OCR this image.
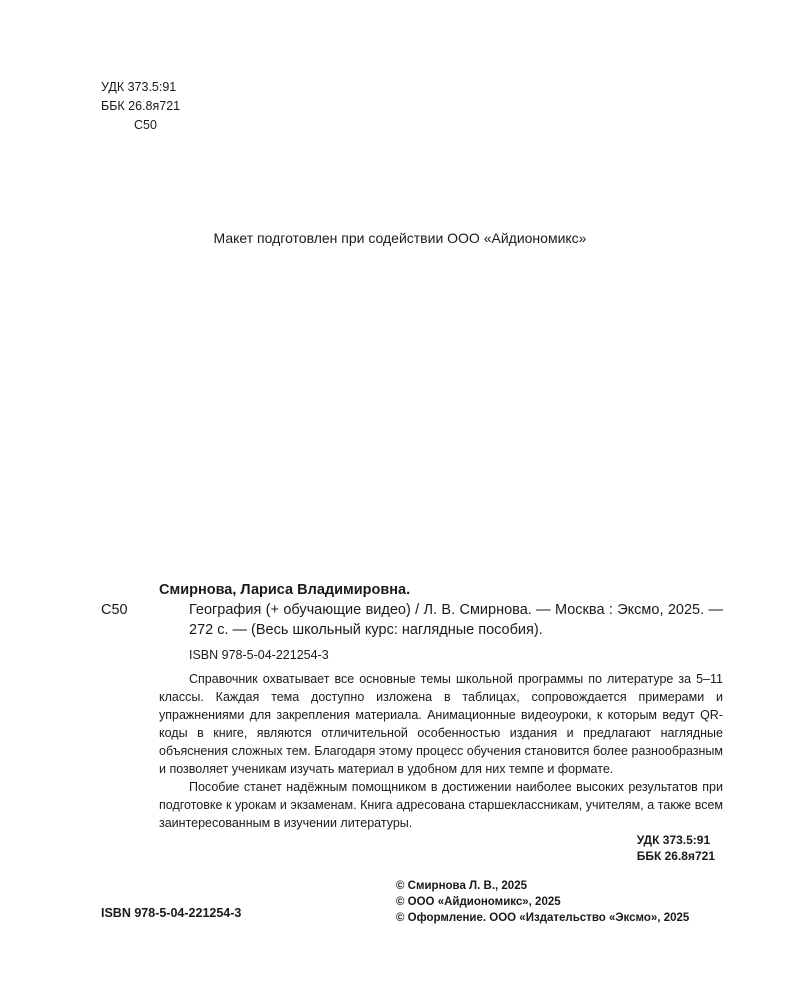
УДК 373.5:91
ББК 26.8я721
С50
Макет подготовлен при содействии ООО «Айдиономикс»
Смирнова, Лариса Владимировна.
С50	География (+ обучающие видео) / Л. В. Смирнова. — Москва : Эксмо, 2025. — 272 с. — (Весь школьный курс: наглядные пособия).
ISBN 978-5-04-221254-3

Справочник охватывает все основные темы школьной программы по литературе за 5–11 классы. Каждая тема доступно изложена в таблицах, сопровождается примерами и упражнениями для закрепления материала. Анимационные видеоуроки, к которым ведут QR-коды в книге, являются отличительной особенностью издания и предлагают наглядные объяснения сложных тем. Благодаря этому процесс обучения становится более разнообразным и позволяет ученикам изучать материал в удобном для них темпе и формате.

Пособие станет надёжным помощником в достижении наиболее высоких результатов при подготовке к урокам и экзаменам. Книга адресована старшеклассникам, учителям, а также всем заинтересованным в изучении литературы.

УДК 373.5:91
ББК 26.8я721
© Смирнова Л. В., 2025
© ООО «Айдиономикс», 2025
© Оформление. ООО «Издательство «Эксмо», 2025
ISBN 978-5-04-221254-3
